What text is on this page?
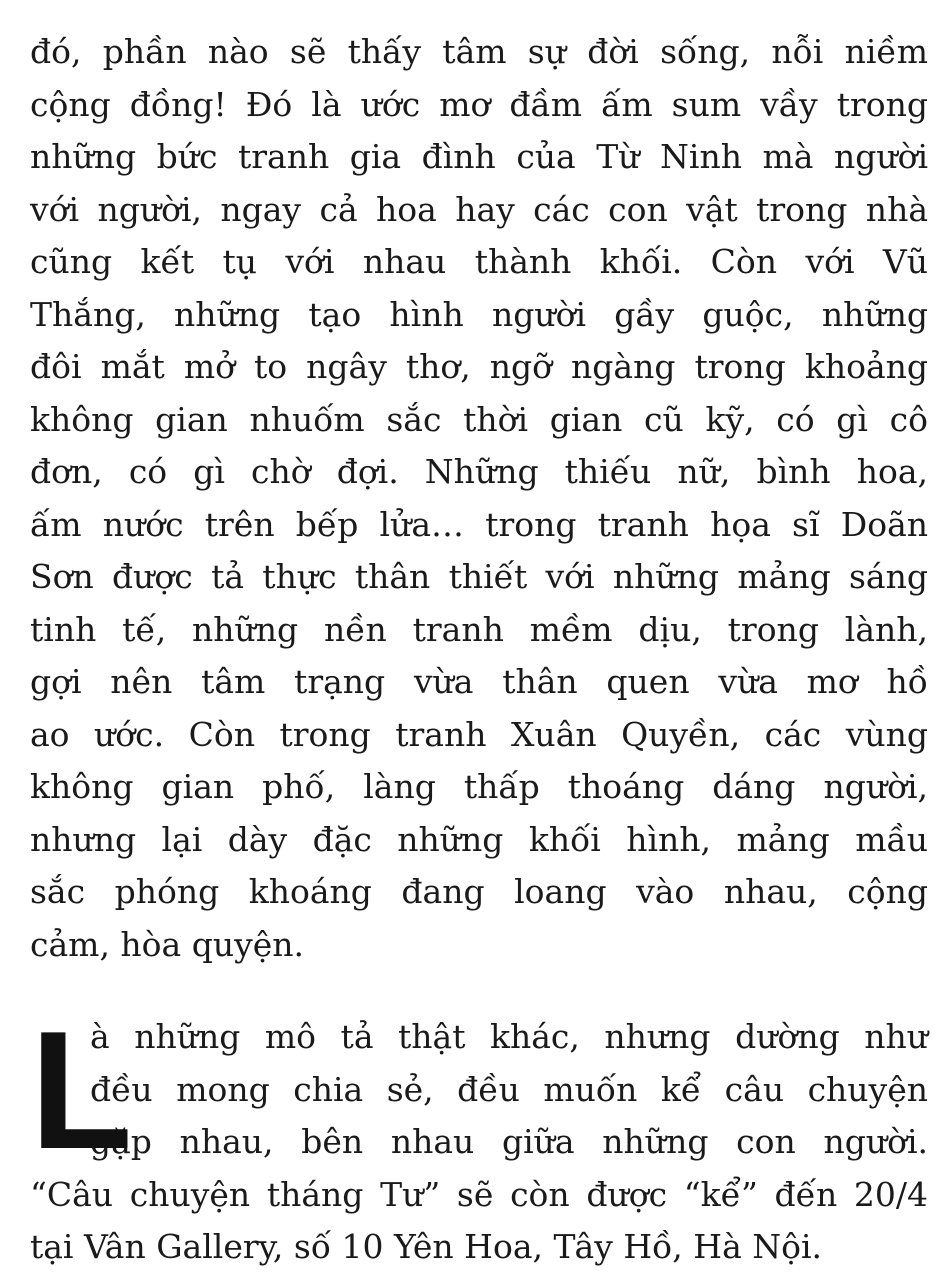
đó, phần nào sẽ thấy tâm sự đời sống, nỗi niềm
cộng đồng! Đó là ước mơ đầm ấm sum vầy trong
những bức tranh gia đình của Từ Ninh mà người
với người, ngay cả hoa hay các con vật trong nhà
cũng kết tụ với nhau thành khối. Còn với Vũ
Thắng, những tạo hình người gầy guộc, những
đôi mắt mở to ngây thơ, ngỡ ngàng trong khoảng
không gian nhuốm sắc thời gian cũ kỹ, có gì cô
đơn, có gì chờ đợi. Những thiếu nữ, bình hoa,
ấm nước trên bếp lửa… trong tranh họa sĩ Doãn
Sơn được tả thực thân thiết với những mảng sáng
tinh tế, những nền tranh mềm dịu, trong lành,
gợi nên tâm trạng vừa thân quen vừa mơ hồ
ao ước. Còn trong tranh Xuân Quyền, các vùng
không gian phố, làng thấp thoáng dáng người,
nhưng lại dày đặc những khối hình, mảng mầu
sắc phóng khoáng đang loang vào nhau, cộng
cảm, hòa quyện.
L
à những mô tả thật khác, nhưng dường như
đều mong chia sẻ, đều muốn kể câu chuyện
gặp nhau, bên nhau giữa những con người.
“Câu chuyện tháng Tư” sẽ còn được “kể” đến 20/4
tại Vân Gallery, số 10 Yên Hoa, Tây Hồ, Hà Nội.
